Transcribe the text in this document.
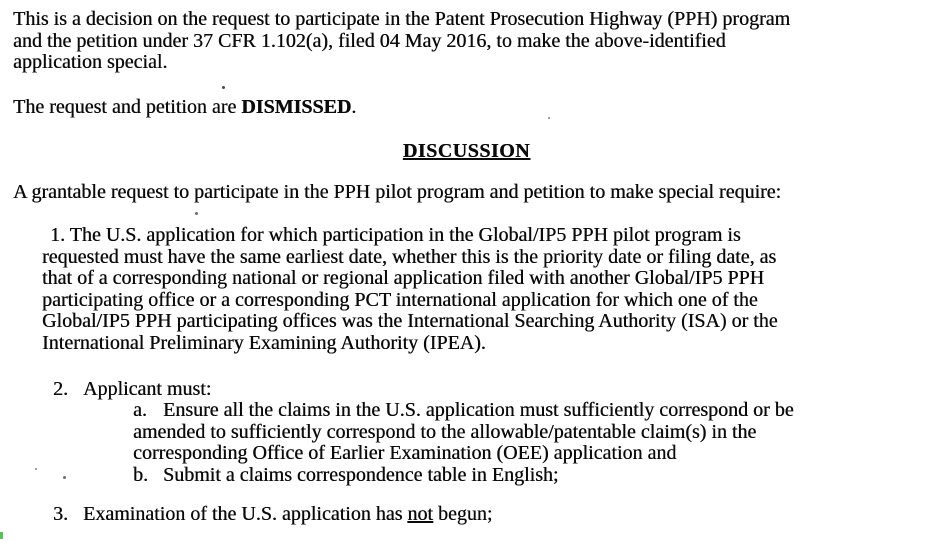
This is a decision on the request to participate in the Patent Prosecution Highway (PPH) program
and the petition under 37 CFR 1.102(a), filed 04 May 2016, to make the above-identified
application special.
The request and petition are DISMISSED.
DISCUSSION
A grantable request to participate in the PPH pilot program and petition to make special require:
1. The U.S. application for which participation in the Global/IP5 PPH pilot program is
requested must have the same earliest date, whether this is the priority date or filing date, as
that of a corresponding national or regional application filed with another Global/IP5 PPH
participating office or a corresponding PCT international application for which one of the
Global/IP5 PPH participating offices was the International Searching Authority (ISA) or the
International Preliminary Examining Authority (IPEA).
2. Applicant must:
a. Ensure all the claims in the U.S. application must sufficiently correspond or be
amended to sufficiently correspond to the allowable/patentable claim(s) in the
corresponding Office of Earlier Examination (OEE) application and
b. Submit a claims correspondence table in English;
3. Examination of the U.S. application has not begun;
